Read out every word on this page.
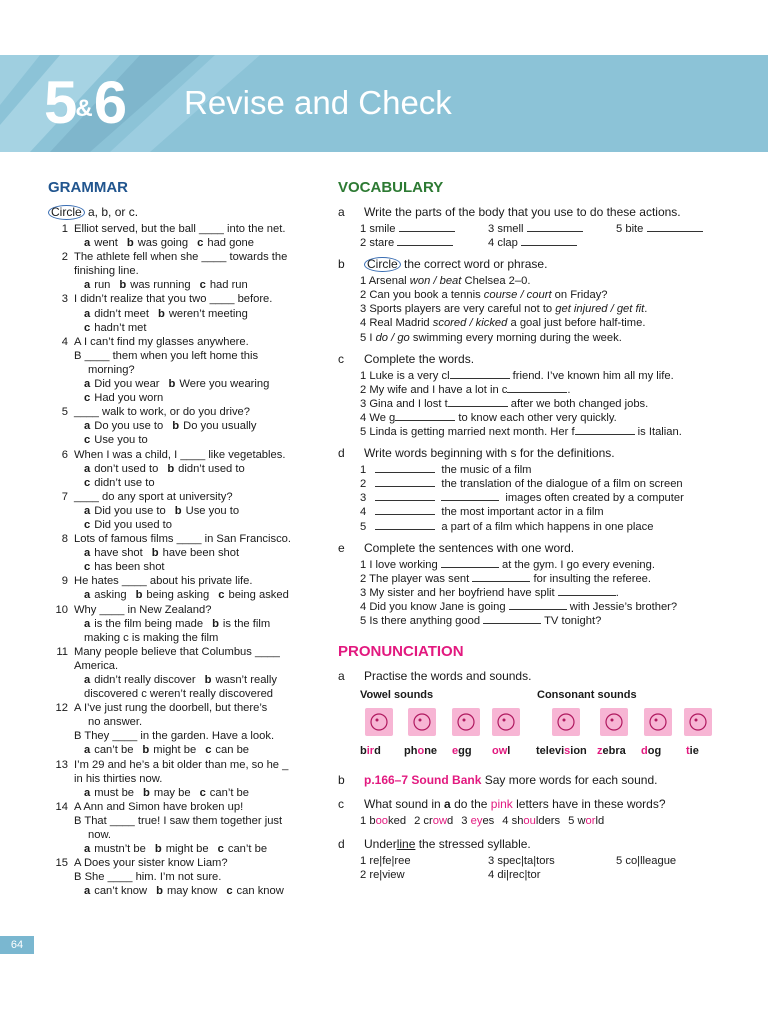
5&6 Revise and Check
GRAMMAR
Circle a, b, or c.
1 Elliot served, but the ball ____ into the net.
a went b was going c had gone
2 The athlete fell when she ____ towards the
finishing line.
a run b was running c had run
3 I didn’t realize that you two ____ before.
a didn’t meet b weren’t meeting
c hadn’t met
4 A I can’t find my glasses anywhere.
B ____ them when you left home this
morning?
a Did you wear b Were you wearing
c Had you worn
5 ____ walk to work, or do you drive?
a Do you use to b Do you usually
c Use you to
6 When I was a child, I ____ like vegetables.
a don’t used to b didn’t used to
c didn’t use to
7 ____ do any sport at university?
a Did you use to b Use you to
c Did you used to
8 Lots of famous films ____ in San Francisco.
a have shot b have been shot
c has been shot
9 He hates ____ about his private life.
a asking b being asking c being asked
10 Why ____ in New Zealand?
a is the film being made b is the film
making c is making the film
11 Many people believe that Columbus ____
America.
a didn’t really discover b wasn’t really
discovered c weren’t really discovered
12 A I’ve just rung the doorbell, but there’s
no answer.
B They ____ in the garden. Have a look.
a can’t be b might be c can be
13 I’m 29 and he’s a bit older than me, so he _
in his thirties now.
a must be b may be c can’t be
14 A Ann and Simon have broken up!
B That ____ true! I saw them together just
now.
a mustn’t be b might be c can’t be
15 A Does your sister know Liam?
B She ____ him. I’m not sure.
a can’t know b may know c can know
VOCABULARY
a	Write the parts of the body that you use to do these actions.
1 smile	3 smell	5 bite
2 stare	4 clap
b	Circle the correct word or phrase.
1 Arsenal won / beat Chelsea 2–0.
2 Can you book a tennis course / court on Friday?
3 Sports players are very careful not to get injured / get fit.
4 Real Madrid scored / kicked a goal just before half-time.
5 I do / go swimming every morning during the week.
c	Complete the words.
1 Luke is a very cl	friend. I’ve known him all my life.
2 My wife and I have a lot in c	.
3 Gina and I lost t	after we both changed jobs.
4 We g	to know each other very quickly.
5 Linda is getting married next month. Her f	is Italian.
d	Write words beginning with s for the definitions.
1	the music of a film
2	the translation of the dialogue of a film on screen
3	images often created by a computer
4	the most important actor in a film
5	a part of a film which happens in one place
e	Complete the sentences with one word.
1 I love working	at the gym. I go every evening.
2 The player was sent	for insulting the referee.
3 My sister and her boyfriend have split	.
4 Did you know Jane is going	with Jessie’s brother?
5 Is there anything good	TV tonight?
PRONUNCIATION
a	Practise the words and sounds.
Vowel sounds	Consonant sounds
bird phone egg owl television zebra dog tie
b	p.166–7 Sound Bank Say more words for each sound.
c	What sound in a do the pink letters have in these words?
1 booked 2 crowd 3 eyes 4 shoulders 5 world
d	Underline the stressed syllable.
1 re|fe|ree	3 spec|ta|tors	5 co|lleague
2 re|view	4 di|rec|tor
64
